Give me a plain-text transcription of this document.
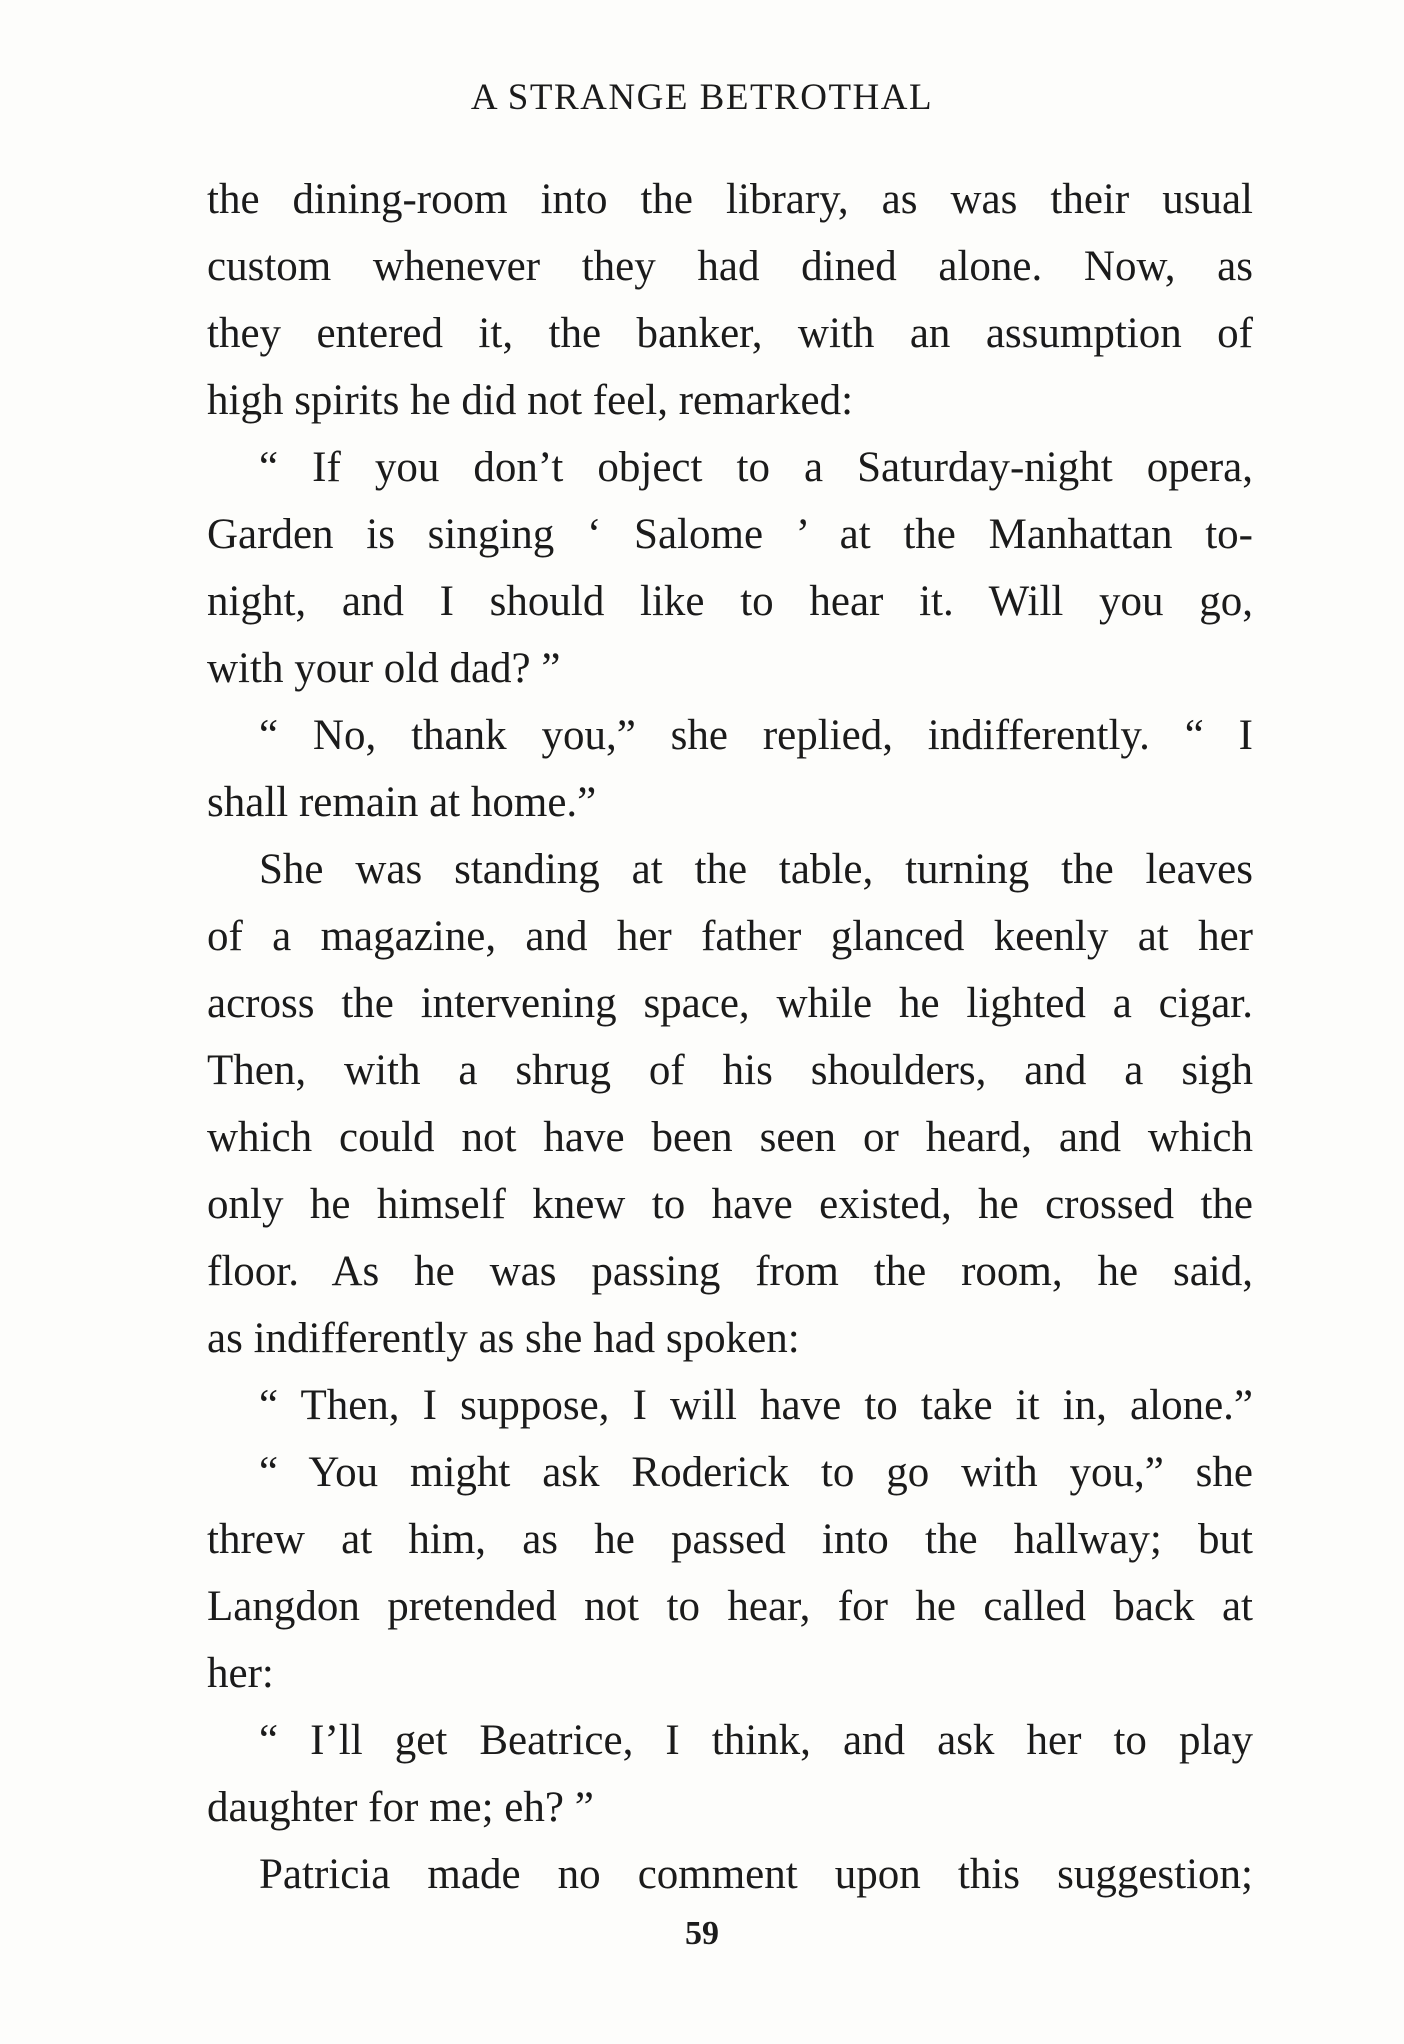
A STRANGE BETROTHAL
the dining-room into the library, as was their usual
custom whenever they had dined alone. Now, as
they entered it, the banker, with an assumption of
high spirits he did not feel, remarked:
“ If you don’t object to a Saturday-night opera,
Garden is singing ‘ Salome ’ at the Manhattan to-
night, and I should like to hear it. Will you go,
with your old dad? ”
“ No, thank you,” she replied, indifferently. “ I
shall remain at home.”
She was standing at the table, turning the leaves
of a magazine, and her father glanced keenly at her
across the intervening space, while he lighted a cigar.
Then, with a shrug of his shoulders, and a sigh
which could not have been seen or heard, and which
only he himself knew to have existed, he crossed the
floor. As he was passing from the room, he said,
as indifferently as she had spoken:
“ Then, I suppose, I will have to take it in, alone.”
“ You might ask Roderick to go with you,” she
threw at him, as he passed into the hallway; but
Langdon pretended not to hear, for he called back at
her:
“ I’ll get Beatrice, I think, and ask her to play
daughter for me; eh? ”
Patricia made no comment upon this suggestion;
59
